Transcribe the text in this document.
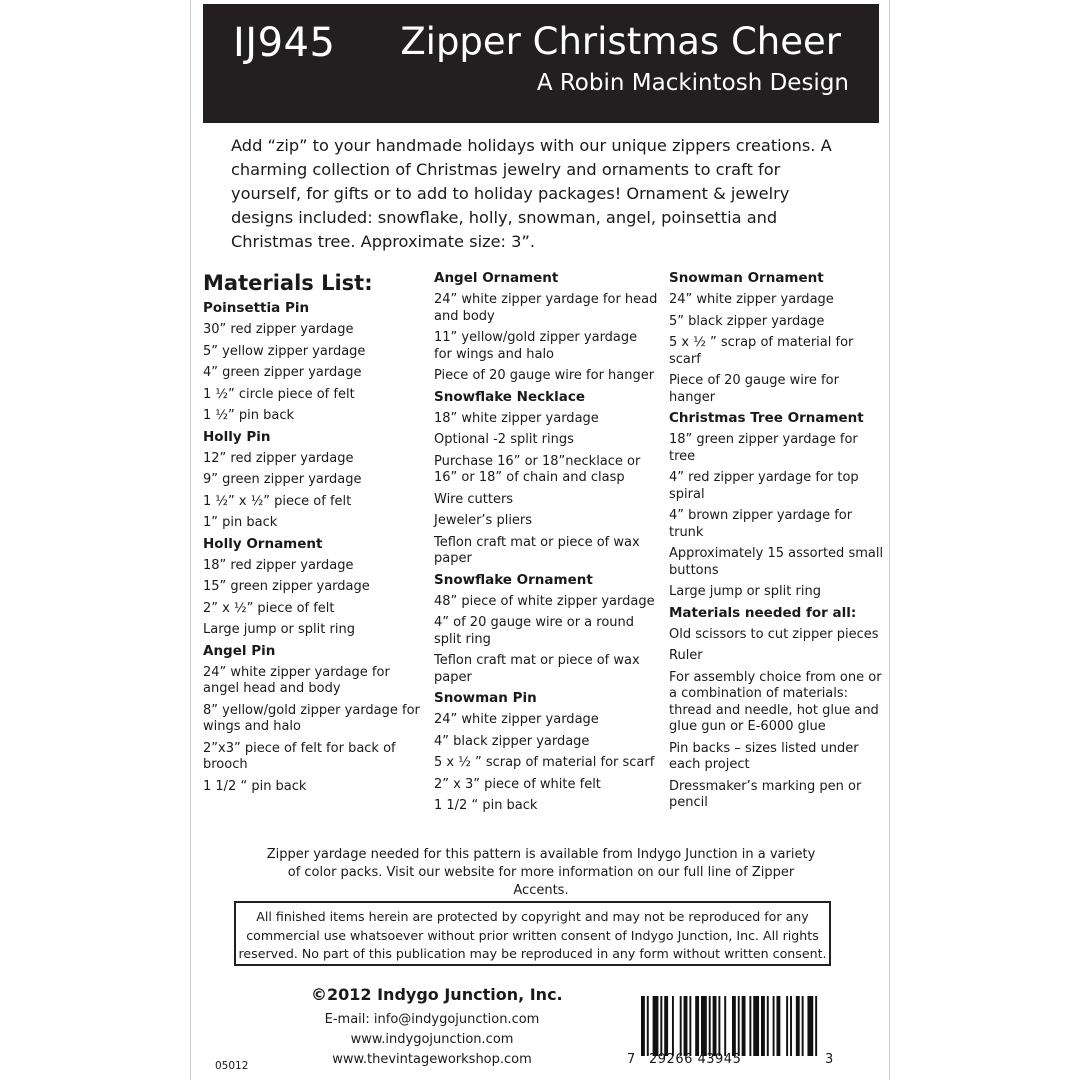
IJ945 Zipper Christmas Cheer
A Robin Mackintosh Design
Add “zip” to your handmade holidays with our unique zippers creations. A charming collection of Christmas jewelry and ornaments to craft for yourself, for gifts or to add to holiday packages! Ornament & jewelry designs included: snowflake, holly, snowman, angel, poinsettia and Christmas tree. Approximate size: 3”.
Materials List:
Poinsettia Pin
30” red zipper yardage
5” yellow zipper yardage
4” green zipper yardage
1 ½” circle piece of felt
1 ½” pin back
Holly Pin
12” red zipper yardage
9” green zipper yardage
1 ½” x ½” piece of felt
1” pin back
Holly Ornament
18” red zipper yardage
15” green zipper yardage
2” x ½” piece of felt
Large jump or split ring
Angel Pin
24” white zipper yardage for angel head and body
8” yellow/gold zipper yardage for wings and halo
2”x3” piece of felt for back of brooch
1 1/2 “ pin back
Angel Ornament
24” white zipper yardage for head and body
11” yellow/gold zipper yardage for wings and halo
Piece of 20 gauge wire for hanger
Snowflake Necklace
18” white zipper yardage
Optional -2 split rings
Purchase 16” or 18”necklace or 16” or 18” of chain and clasp
Wire cutters
Jeweler’s pliers
Teflon craft mat or piece of wax paper
Snowflake Ornament
48” piece of white zipper yardage
4” of 20 gauge wire or a round split ring
Teflon craft mat or piece of wax paper
Snowman Pin
24” white zipper yardage
4” black zipper yardage
5 x ½ ” scrap of material for scarf
2” x 3” piece of white felt
1 1/2 “ pin back
Snowman Ornament
24” white zipper yardage
5” black zipper yardage
5 x ½ ” scrap of material for scarf
Piece of 20 gauge wire for hanger
Christmas Tree Ornament
18” green zipper yardage for tree
4” red zipper yardage for top spiral
4” brown zipper yardage for trunk
Approximately 15 assorted small buttons
Large jump or split ring
Materials needed for all:
Old scissors to cut zipper pieces
Ruler
For assembly choice from one or a combination of materials: thread and needle, hot glue and glue gun or E-6000 glue
Pin backs – sizes listed under each project
Dressmaker’s marking pen or pencil
Zipper yardage needed for this pattern is available from Indygo Junction in a variety of color packs. Visit our website for more information on our full line of Zipper Accents.
All finished items herein are protected by copyright and may not be reproduced for any commercial use whatsoever without prior written consent of Indygo Junction, Inc. All rights reserved. No part of this publication may be reproduced in any form without written consent.
©2012 Indygo Junction, Inc.
E-mail: info@indygojunction.com
www.indygojunction.com
www.thevintageworkshop.com
05012	7 29266 43945	3
